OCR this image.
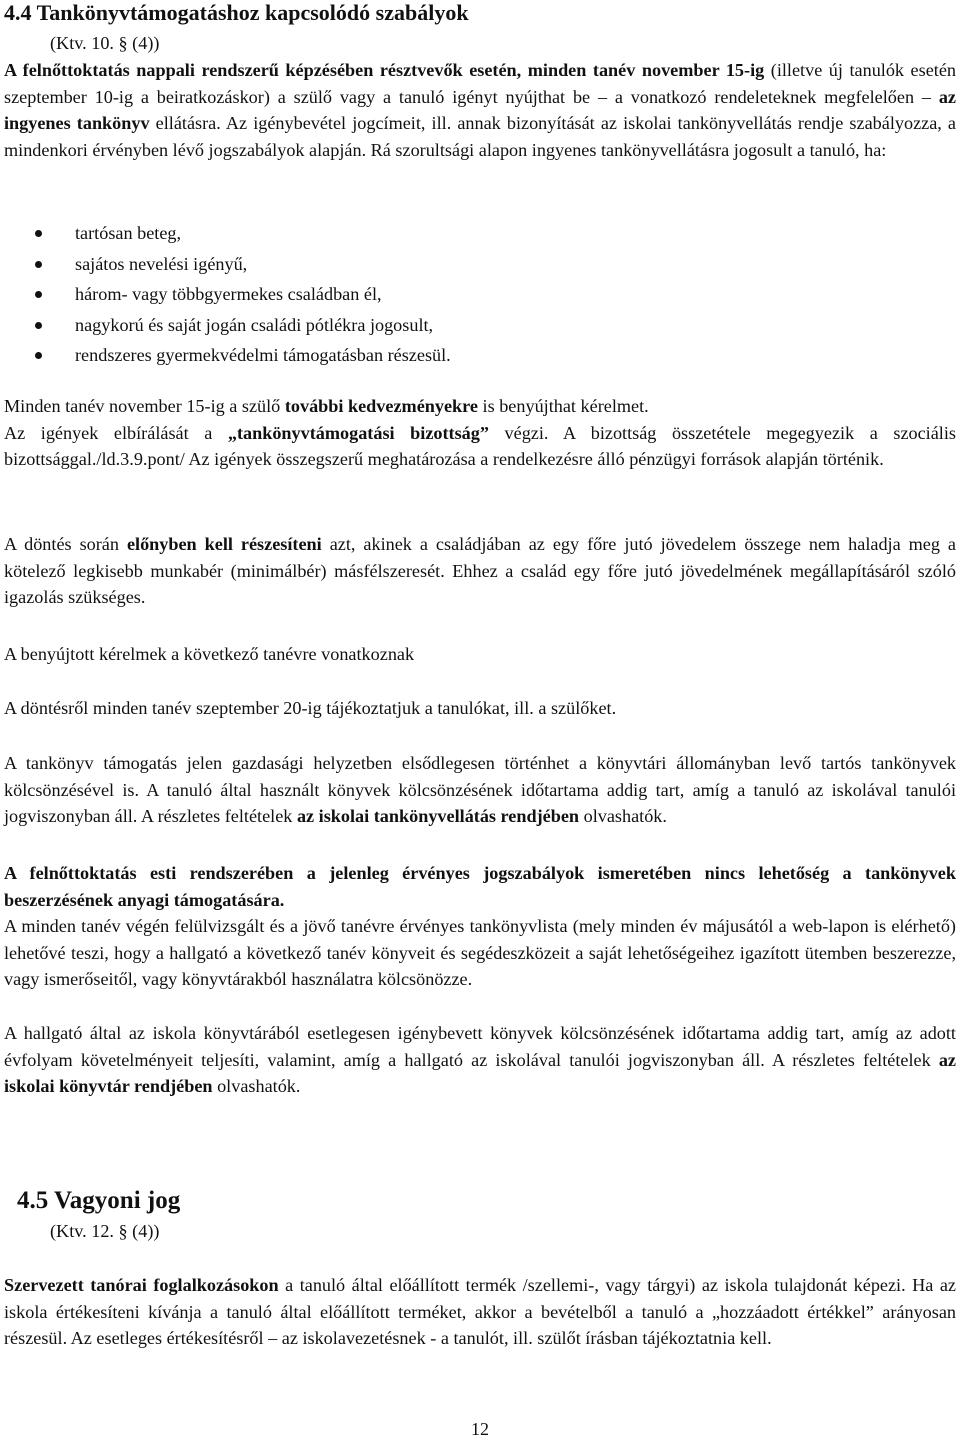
4.4 Tankönyvtámogatáshoz kapcsolódó szabályok

(Ktv. 10. § (4))

A felnőttoktatás nappali rendszerű képzésében résztvevők esetén, minden tanév november 15-ig (illetve új tanulók esetén szeptember 10-ig a beiratkozáskor) a szülő vagy a tanuló igényt nyújthat be – a vonatkozó rendeleteknek megfelelően – az ingyenes tankönyv ellátásra. Az igénybevétel jogcímeit, ill. annak bizonyítását az iskolai tankönyvellátás rendje szabályozza, a mindenkori érvényben lévő jogszabályok alapján. Rá szorultsági alapon ingyenes tankönyvellátásra jogosult a tanuló, ha:

tartósan beteg,
sajátos nevelési igényű,
három- vagy többgyermekes családban él,
nagykorú és saját jogán családi pótlékra jogosult,
rendszeres gyermekvédelmi támogatásban részesül.

Minden tanév november 15-ig a szülő további kedvezményekre is benyújthat kérelmet.
Az igények elbírálását a „tankönyvtámogatási bizottság” végzi. A bizottság összetétele megegyezik a szociális bizottsággal./ld.3.9.pont/ Az igények összegszerű meghatározása a rendelkezésre álló pénzügyi források alapján történik.

A döntés során előnyben kell részesíteni azt, akinek a családjában az egy főre jutó jövedelem összege nem haladja meg a kötelező legkisebb munkabér (minimálbér) másfélszeresét. Ehhez a család egy főre jutó jövedelmének megállapításáról szóló igazolás szükséges.

A benyújtott kérelmek a következő tanévre vonatkoznak

A döntésről minden tanév szeptember 20-ig tájékoztatjuk a tanulókat, ill. a szülőket.

A tankönyv támogatás jelen gazdasági helyzetben elsődlegesen történhet a könyvtári állományban levő tartós tankönyvek kölcsönzésével is. A tanuló által használt könyvek kölcsönzésének időtartama addig tart, amíg a tanuló az iskolával tanulói jogviszonyban áll. A részletes feltételek az iskolai tankönyvellátás rendjében olvashatók.

A felnőttoktatás esti rendszerében a jelenleg érvényes jogszabályok ismeretében nincs lehetőség a tankönyvek beszerzésének anyagi támogatására.

A minden tanév végén felülvizsgált és a jövő tanévre érvényes tankönyvlista (mely minden év májusától a web-lapon is elérhető) lehetővé teszi, hogy a hallgató a következő tanév könyveit és segédeszközeit a saját lehetőségeihez igazított ütemben beszerezze, vagy ismerőseitől, vagy könyvtárakból használatra kölcsönözze.

A hallgató által az iskola könyvtárából esetlegesen igénybevett könyvek kölcsönzésének időtartama addig tart, amíg az adott évfolyam követelményeit teljesíti, valamint, amíg a hallgató az iskolával tanulói jogviszonyban áll. A részletes feltételek az iskolai könyvtár rendjében olvashatók.

4.5 Vagyoni jog

(Ktv. 12. § (4))

Szervezett tanórai foglalkozásokon a tanuló által előállított termék /szellemi-, vagy tárgyi) az iskola tulajdonát képezi. Ha az iskola értékesíteni kívánja a tanuló által előállított terméket, akkor a bevételből a tanuló a „hozzáadott értékkel” arányosan részesül. Az esetleges értékesítésről – az iskolavezetésnek - a tanulót, ill. szülőt írásban tájékoztatnia kell.

12
